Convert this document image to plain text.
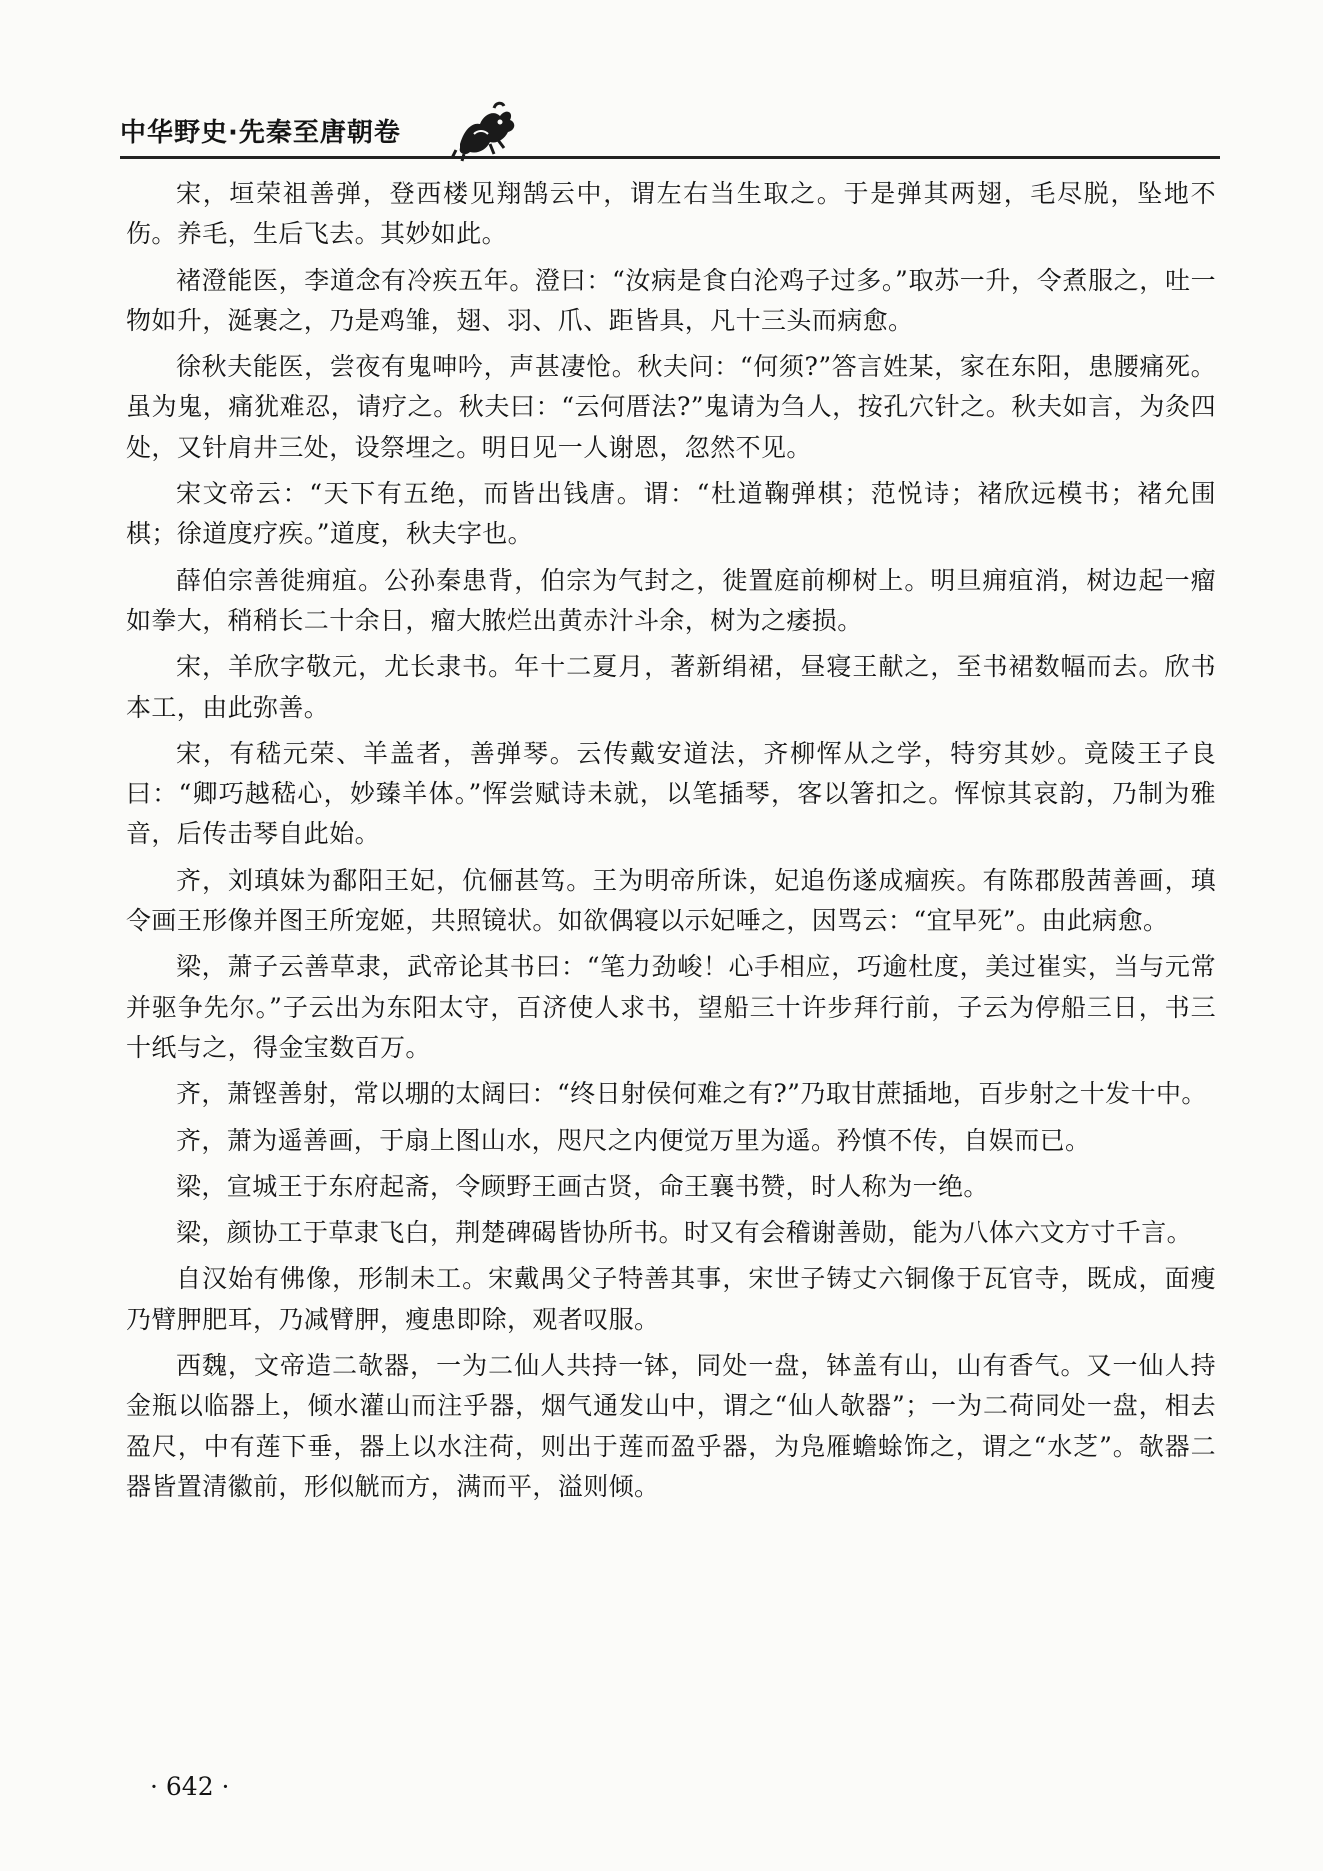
中华野史·先秦至唐朝卷

宋，垣荣祖善弹，登西楼见翔鹄云中，谓左右当生取之。于是弹其两翅，毛尽脱，坠地不伤。养毛，生后飞去。其妙如此。

褚澄能医，李道念有冷疾五年。澄曰：“汝病是食白沦鸡子过多。”取苏一升，令煮服之，吐一物如升，涎裹之，乃是鸡雏，翅、羽、爪、距皆具，凡十三头而病愈。

徐秋夫能医，尝夜有鬼呻吟，声甚凄怆。秋夫问：“何须?”答言姓某，家在东阳，患腰痛死。虽为鬼，痛犹难忍，请疗之。秋夫曰：“云何厝法?”鬼请为刍人，按孔穴针之。秋夫如言，为灸四处，又针肩井三处，设祭埋之。明日见一人谢恩，忽然不见。

宋文帝云：“天下有五绝，而皆出钱唐。谓：“杜道鞠弹棋；范悦诗；褚欣远模书；褚允围棋；徐道度疗疾。”道度，秋夫字也。

薛伯宗善徙痈疽。公孙秦患背，伯宗为气封之，徙置庭前柳树上。明旦痈疽消，树边起一瘤如拳大，稍稍长二十余日，瘤大脓烂出黄赤汁斗余，树为之痿损。

宋，羊欣字敬元，尤长隶书。年十二夏月，著新绢裙，昼寝王献之，至书裙数幅而去。欣书本工，由此弥善。

宋，有嵇元荣、羊盖者，善弹琴。云传戴安道法，齐柳恽从之学，特穷其妙。竟陵王子良曰：“卿巧越嵇心，妙臻羊体。”恽尝赋诗未就，以笔插琴，客以箸扣之。恽惊其哀韵，乃制为雅音，后传击琴自此始。

齐，刘瑱妹为鄱阳王妃，伉俪甚笃。王为明帝所诛，妃追伤遂成痼疾。有陈郡殷茜善画，瑱令画王形像并图王所宠姬，共照镜状。如欲偶寝以示妃唾之，因骂云：“宜早死”。由此病愈。

梁，萧子云善草隶，武帝论其书曰：“笔力劲峻！心手相应，巧逾杜度，美过崔实，当与元常并驱争先尔。”子云出为东阳太守，百济使人求书，望船三十许步拜行前，子云为停船三日，书三十纸与之，得金宝数百万。

齐，萧铿善射，常以堋的太阔曰：“终日射侯何难之有?”乃取甘蔗插地，百步射之十发十中。

齐，萧为遥善画，于扇上图山水，咫尺之内便觉万里为遥。矜慎不传，自娱而已。

梁，宣城王于东府起斋，令顾野王画古贤，命王襄书赞，时人称为一绝。

梁，颜协工于草隶飞白，荆楚碑碣皆协所书。时又有会稽谢善勋，能为八体六文方寸千言。

自汉始有佛像，形制未工。宋戴禺父子特善其事，宋世子铸丈六铜像于瓦官寺，既成，面瘦乃臂胛肥耳，乃减臂胛，瘦患即除，观者叹服。

西魏，文帝造二欹器，一为二仙人共持一钵，同处一盘，钵盖有山，山有香气。又一仙人持金瓶以临器上，倾水灌山而注乎器，烟气通发山中，谓之“仙人欹器”；一为二荷同处一盘，相去盈尺，中有莲下垂，器上以水注荷，则出于莲而盈乎器，为凫雁蟾蜍饰之，谓之“水芝”。欹器二器皆置清徽前，形似觥而方，满而平，溢则倾。

· 642 ·
